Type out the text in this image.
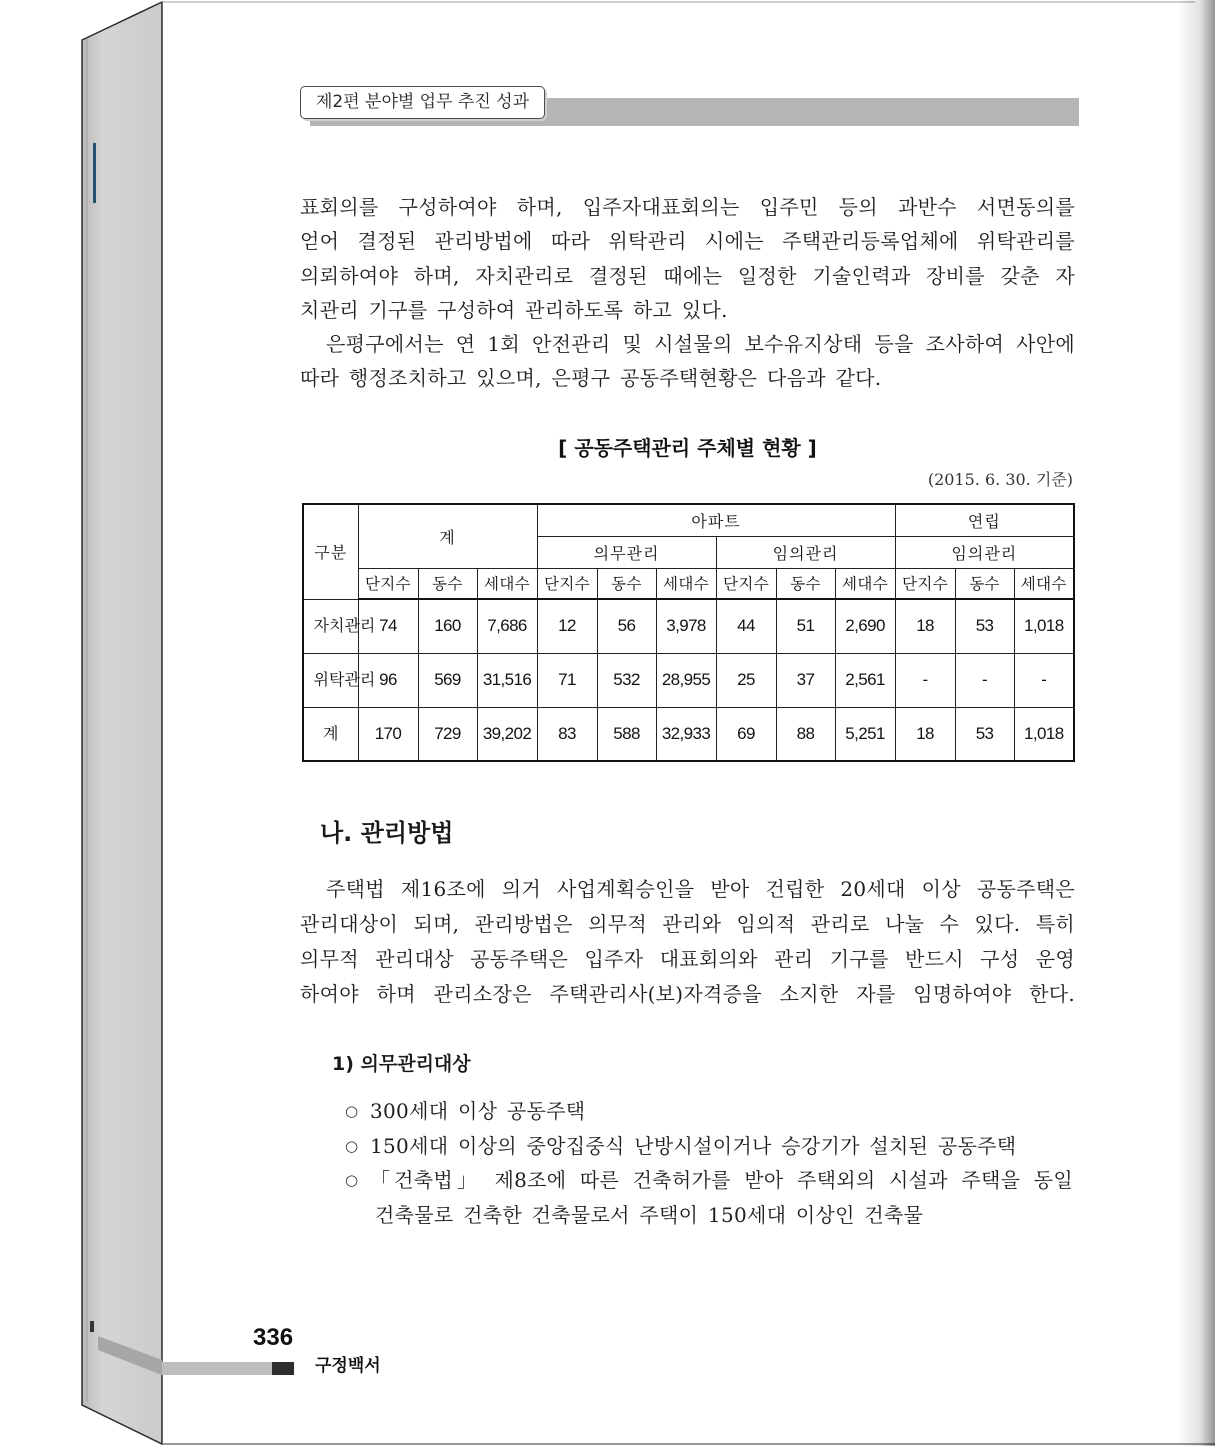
제2편 분야별 업무 추진 성과
표회의를 구성하여야 하며, 입주자대표회의는 입주민 등의 과반수 서면동의를
얻어 결정된 관리방법에 따라 위탁관리 시에는 주택관리등록업체에 위탁관리를
의뢰하여야 하며, 자치관리로 결정된 때에는 일정한 기술인력과 장비를 갖춘 자
치관리 기구를 구성하여 관리하도록 하고 있다.
은평구에서는 연 1회 안전관리 및 시설물의 보수유지상태 등을 조사하여 사안에
따라 행정조치하고 있으며, 은평구 공동주택현황은 다음과 같다.
[ 공동주택관리 주체별 현황 ]
(2015. 6. 30. 기준)
구분	계			아파트						연립		
				의무관리			임의관리			임의관리		
	단지수	동수	세대수	단지수	동수	세대수	단지수	동수	세대수	단지수	동수	세대수
자치관리	74	160	7,686	12	56	3,978	44	51	2,690	18	53	1,018
위탁관리	96	569	31,516	71	532	28,955	25	37	2,561	-	-	-
계	170	729	39,202	83	588	32,933	69	88	5,251	18	53	1,018
나. 관리방법
주택법 제16조에 의거 사업계획승인을 받아 건립한 20세대 이상 공동주택은
관리대상이 되며, 관리방법은 의무적 관리와 임의적 관리로 나눌 수 있다. 특히
의무적 관리대상 공동주택은 입주자 대표회의와 관리 기구를 반드시 구성 운영
하여야 하며 관리소장은 주택관리사(보)자격증을 소지한 자를 임명하여야 한다.
1) 의무관리대상
○ 300세대 이상 공동주택
○ 150세대 이상의 중앙집중식 난방시설이거나 승강기가 설치된 공동주택
○ 「건축법」 제8조에 따른 건축허가를 받아 주택외의 시설과 주택을 동일
건축물로 건축한 건축물로서 주택이 150세대 이상인 건축물
336
구정백서
